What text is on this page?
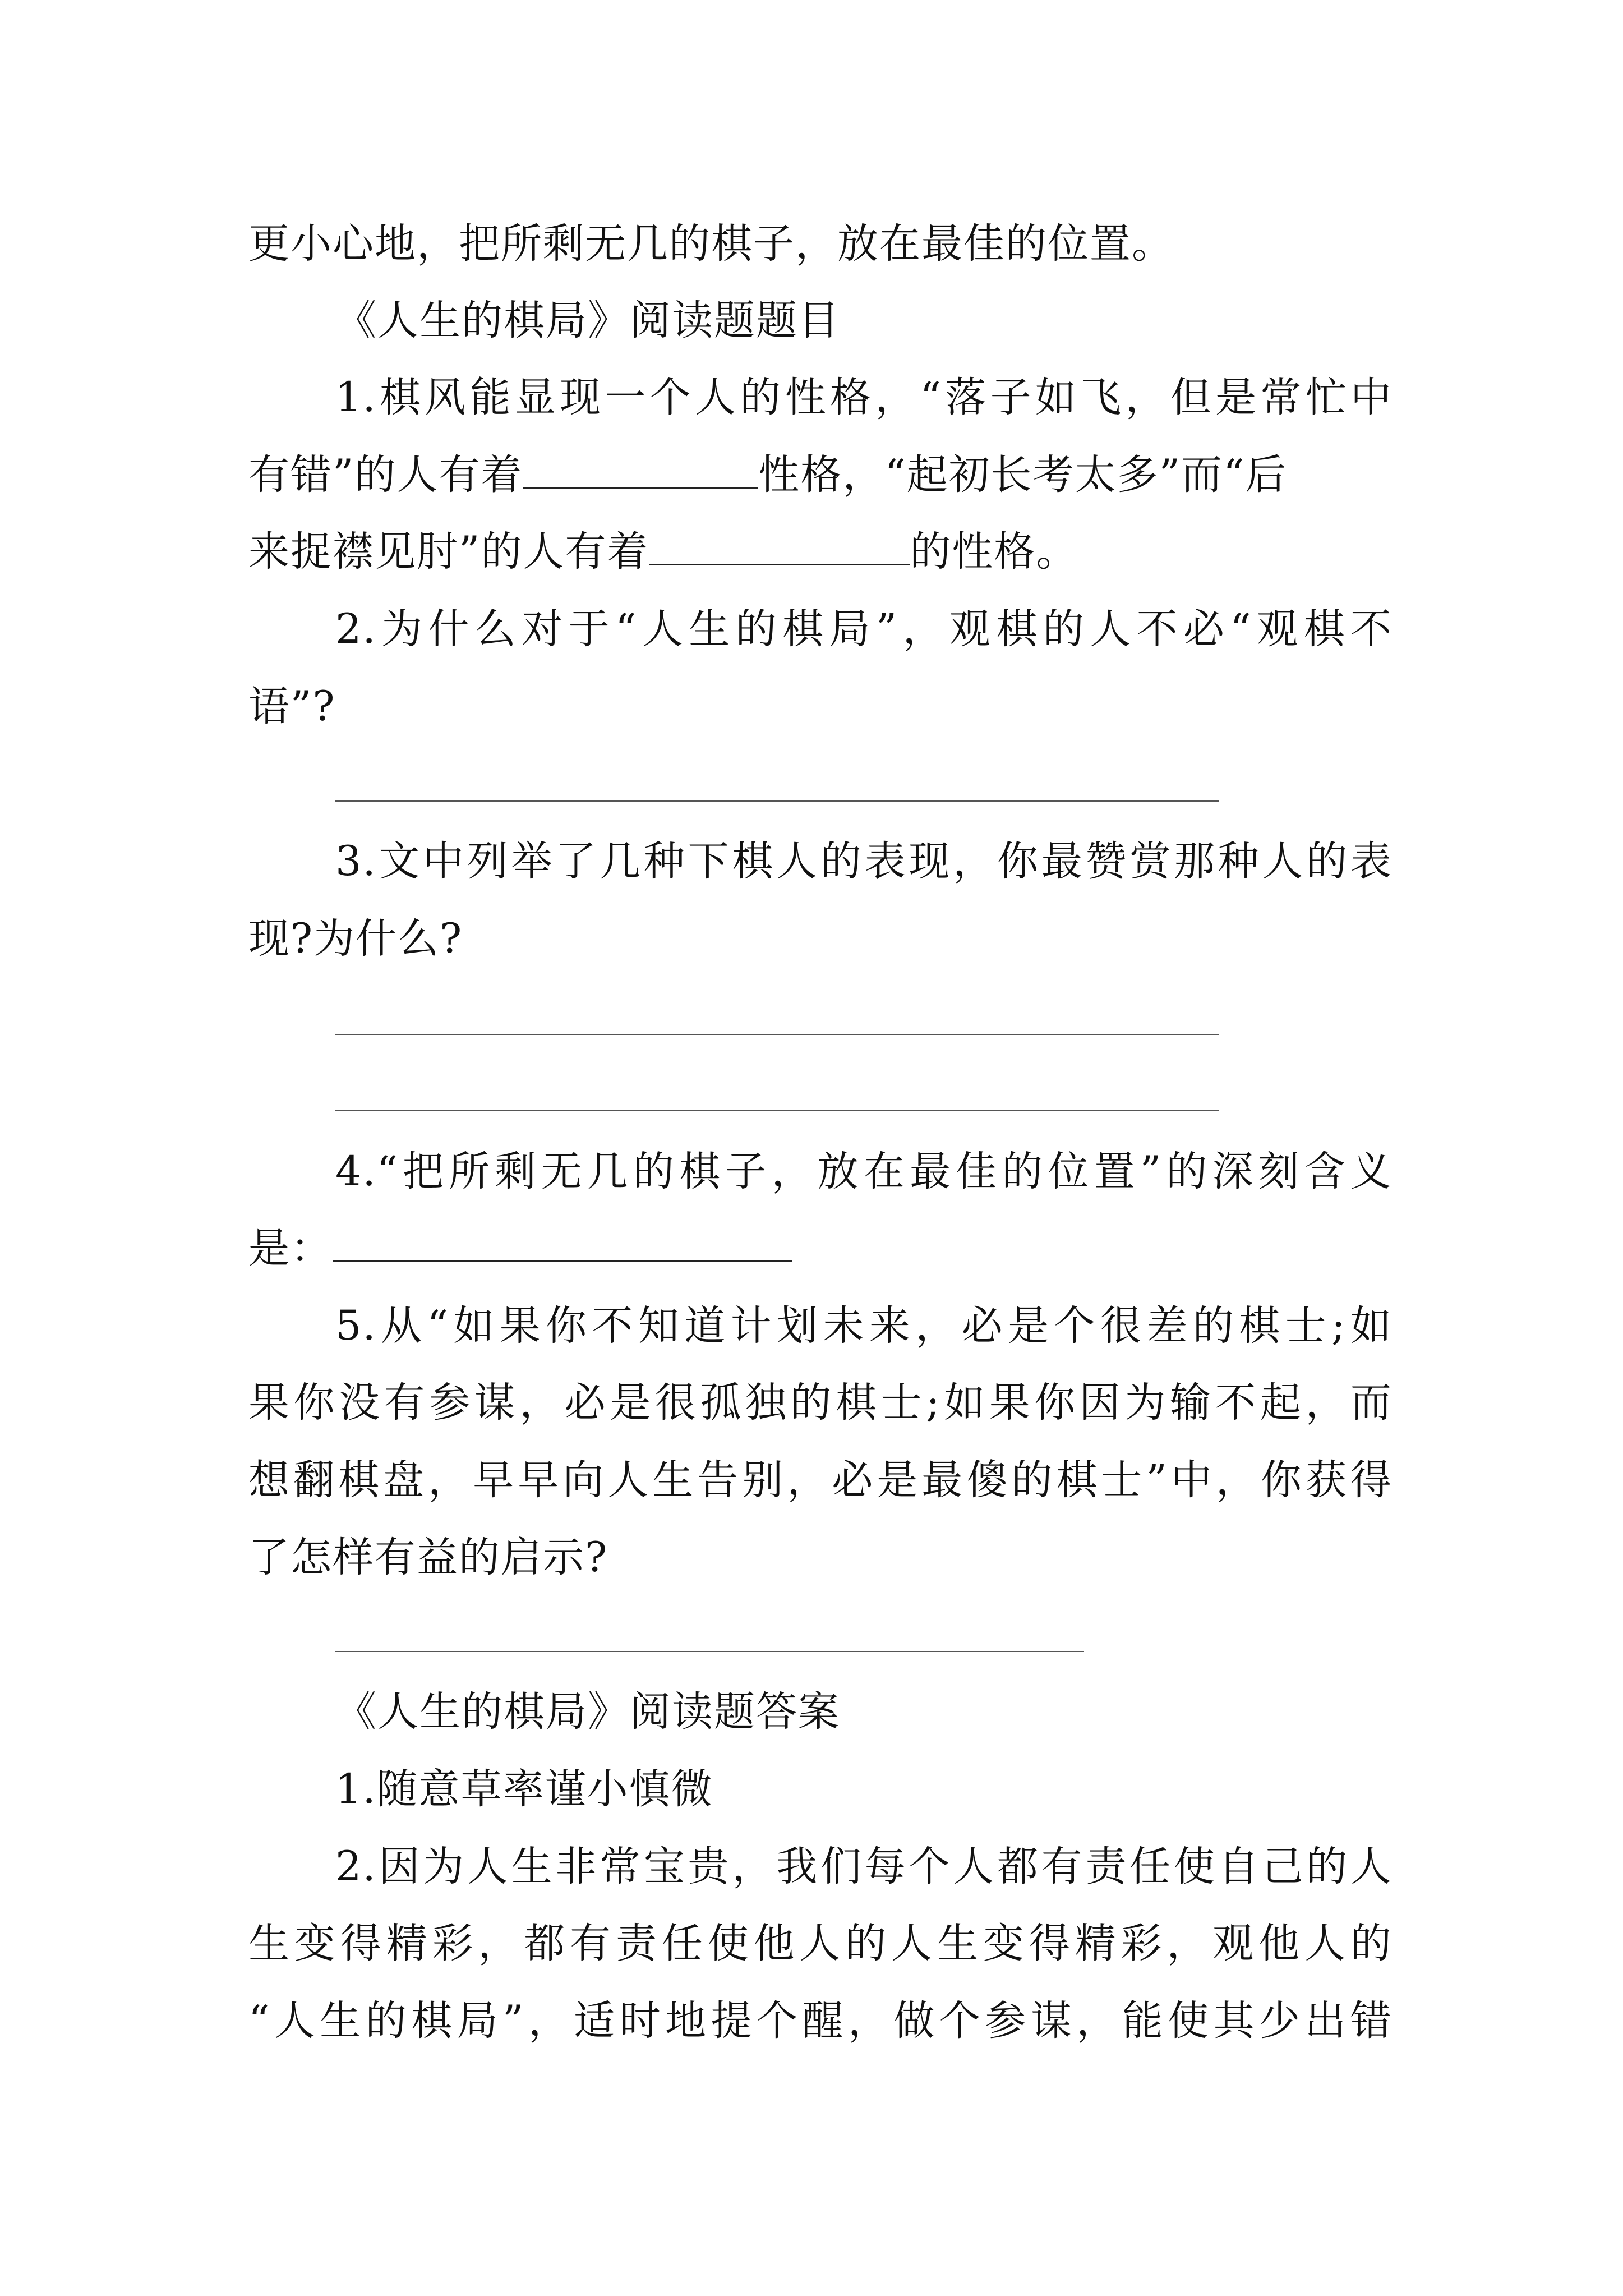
更小心地，把所剩无几的棋子，放在最佳的位置。
《人生的棋局》阅读题题目
1.棋风能显现一个人的性格，“落子如飞，但是常忙中
有错”的人有着	性格，“起初长考太多”而“后
来捉襟见肘”的人有着	的性格。
2.为什么对于“人生的棋局”，观棋的人不必“观棋不
语”?
3.文中列举了几种下棋人的表现，你最赞赏那种人的表
现?为什么?
4.“把所剩无几的棋子，放在最佳的位置”的深刻含义
是：
5.从“如果你不知道计划未来，必是个很差的棋士;如
果你没有参谋，必是很孤独的棋士;如果你因为输不起，而
想翻棋盘，早早向人生告别，必是最傻的棋士”中，你获得
了怎样有益的启示?
《人生的棋局》阅读题答案
1.随意草率谨小慎微
2.因为人生非常宝贵，我们每个人都有责任使自己的人
生变得精彩，都有责任使他人的人生变得精彩，观他人的
“人生的棋局”，适时地提个醒，做个参谋，能使其少出错
